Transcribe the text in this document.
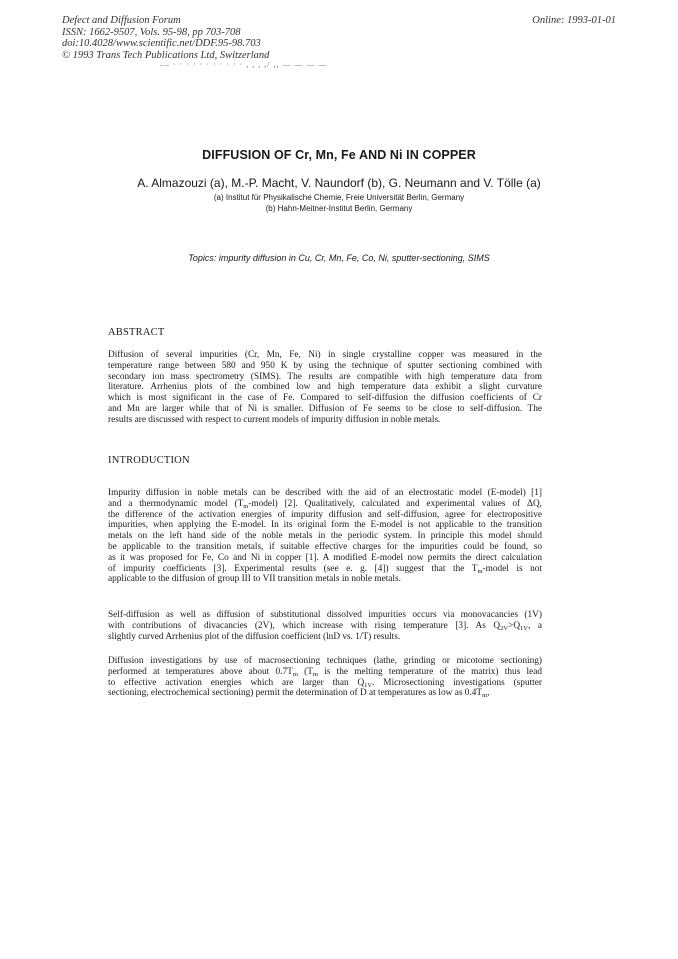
Defect and Diffusion Forum
ISSN: 1662-9507, Vols. 95-98, pp 703-708
doi:10.4028/www.scientific.net/DDF.95-98.703
© 1993 Trans Tech Publications Ltd, Switzerland
Online: 1993-01-01
–– · · · · · · · · · · · , , , ,/ ,, — — — —
DIFFUSION OF Cr, Mn, Fe AND Ni IN COPPER
A. Almazouzi (a), M.-P. Macht, V. Naundorf (b), G. Neumann and V. Tölle (a)
(a) Institut für Physikalische Chemie, Freie Universität Berlin, Germany
(b) Hahn-Meitner-Institut Berlin, Germany
Topics: impurity diffusion in Cu, Cr, Mn, Fe, Co, Ni, sputter-sectioning, SIMS
ABSTRACT
Diffusion of several impurities (Cr, Mn, Fe, Ni) in single crystalline copper was measured in the
temperature range between 580 and 950 K by using the technique of sputter sectioning combined with
secondary ion mass spectrometry (SIMS). The results are compatible with high temperature data from
literature. Arrhenius plots of the combined low and high temperature data exhibit a slight curvature
which is most significant in the case of Fe. Compared to self-diffusion the diffusion coefficients of Cr
and Mn are larger while that of Ni is smaller. Diffusion of Fe seems to be close to self-diffusion. The
results are discussed with respect to current models of impurity diffusion in noble metals.
INTRODUCTION
Impurity diffusion in noble metals can be described with the aid of an electrostatic model (E-model) [1]
and a thermodynamic model $(T_m-model)$ [2]. Qualitatively, calculated and experimental values of ΔQ,
the difference of the activation energies of impurity diffusion and self-diffusion, agree for electropositive
impurities, when applying the E-model. In its original form the E-model is not applicable to the transition
metals on the left hand side of the noble metals in the periodic system. In principle this model should
be applicable to the transition metals, if suitable effective charges for the impurities could be found, so
as it was proposed for Fe, Co and Ni in copper [1]. A modified E-model now permits the direct calculation
of impurity coefficients [3]. Experimental results (see e. g. [4]) suggest that the $T_m$-model is not
applicable to the diffusion of group III to VII transition metals in noble metals.
Self-diffusion as well as diffusion of substitutional dissolved impurities occurs via monovacancies (1V)
with contributions of divacancies (2V), which increase with rising temperature [3]. As $Q_{2V}>Q_{1V}$, a
slightly curved Arrhenius plot of the diffusion coefficient (lnD vs. 1/T) results.
Diffusion investigations by use of macrosectioning techniques (lathe, grinding or micotome sectioning)
performed at temperatures above about $0.7T_m$ ($T_m$ is the melting temperature of the matrix) thus lead
to effective activation energies which are larger than $Q_{1V}$. Microsectioning investigations (sputter
sectioning, electrochemical sectioning) permit the determination of D at temperatures as low as $0.4T_m$,
